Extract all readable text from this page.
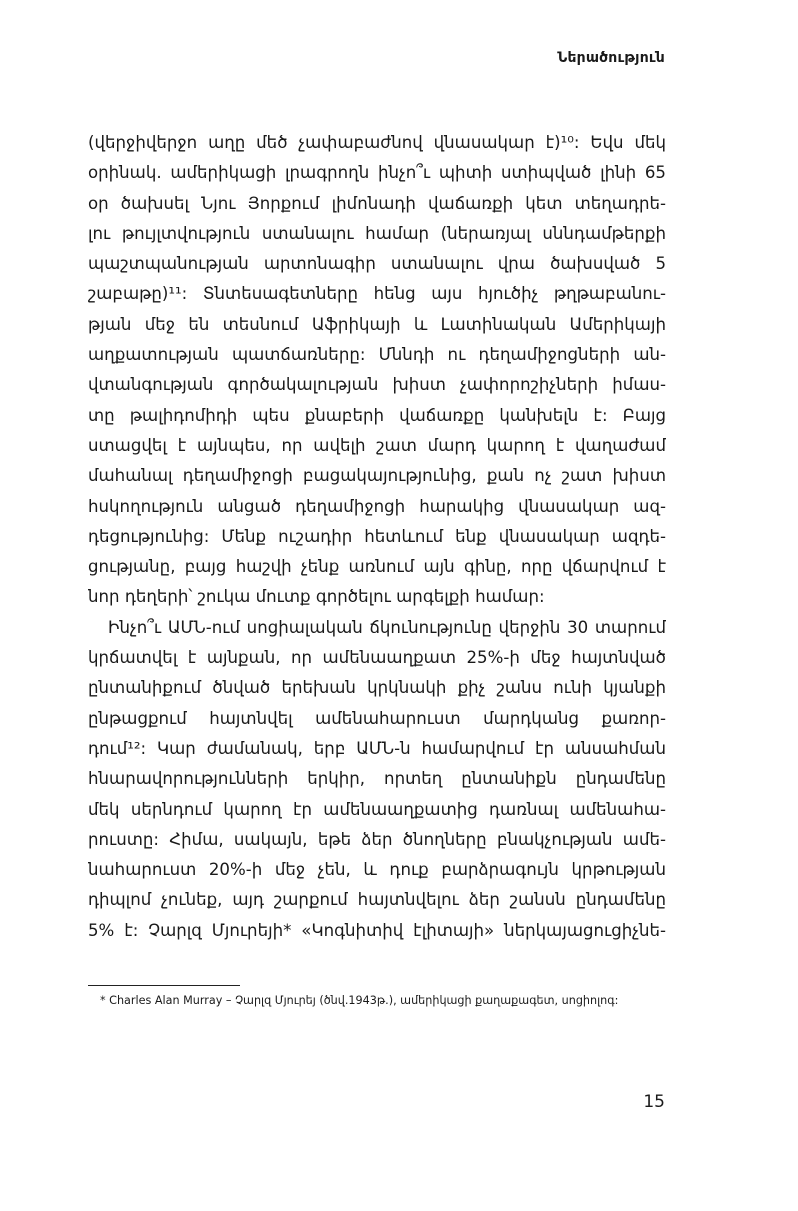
Ներածություն
(վերջիվերջո աղը մեծ չափաբաժնով վնասակար է)¹⁰: Եվս մեկ
օրինակ. ամերիկացի լրագրողն ինչո՞ւ պիտի ստիպված լինի 65
օր ծախսել Նյու Յորքում լիմոնադի վաճառքի կետ տեղադրե-
լու թույլտվություն ստանալու համար (ներառյալ սննդամթերքի
պաշտպանության արտոնագիր ստանալու վրա ծախսված 5
շաբաթը)¹¹: Տնտեսագետները հենց այս հյուծիչ թղթաբանու-
թյան մեջ են տեսնում Աֆրիկայի և Լատինական Ամերիկայի
աղքատության պատճառները: Մննդի ու դեղամիջոցների ան-
վտանգության գործակալության խիստ չափորոշիչների իմաս-
տը թալիդոմիդի պես քնաբերի վաճառքը կանխելն է: Բայց
ստացվել է այնպես, որ ավելի շատ մարդ կարող է վաղաժամ
մահանալ դեղամիջոցի բացակայությունից, քան ոչ շատ խիստ
հսկողություն անցած դեղամիջոցի հարակից վնասակար ազ-
դեցությունից: Մենք ուշադիր հետևում ենք վնասակար ազդե-
ցությանը, բայց հաշվի չենք առնում այն գինը, որը վճարվում է
նոր դեղերի՝ շուկա մուտք գործելու արգելքի համար:
Ինչո՞ւ ԱՄՆ-ում սոցիալական ճկունությունը վերջին 30 տարում
կրճատվել է այնքան, որ ամենաաղքատ 25%-ի մեջ հայտնված
ընտանիքում ծնված երեխան կրկնակի քիչ շանս ունի կյանքի
ընթացքում հայտնվել ամենահարուստ մարդկանց քառոր-
դում¹²: Կար ժամանակ, երբ ԱՄՆ-ն համարվում էր անսահման
հնարավորությունների երկիր, որտեղ ընտանիքն ընդամենը
մեկ սերնդում կարող էր ամենաաղքատից դառնալ ամենահա-
րուստը: Հիմա, սակայն, եթե ձեր ծնողները բնակչության ամե-
նահարուստ 20%-ի մեջ չեն, և դուք բարձրագույն կրթության
դիպլոմ չունեք, այդ շարքում հայտնվելու ձեր շանսն ընդամենը
5% է: Չարլզ Մյուրեյի* «Կոգնիտիվ էլիտայի» ներկայացուցիչնե-
* Charles Alan Murray – Չարլզ Մյուրեյ (ծնվ.1943թ.), ամերիկացի քաղաքագետ, սոցիոլոգ:
15
